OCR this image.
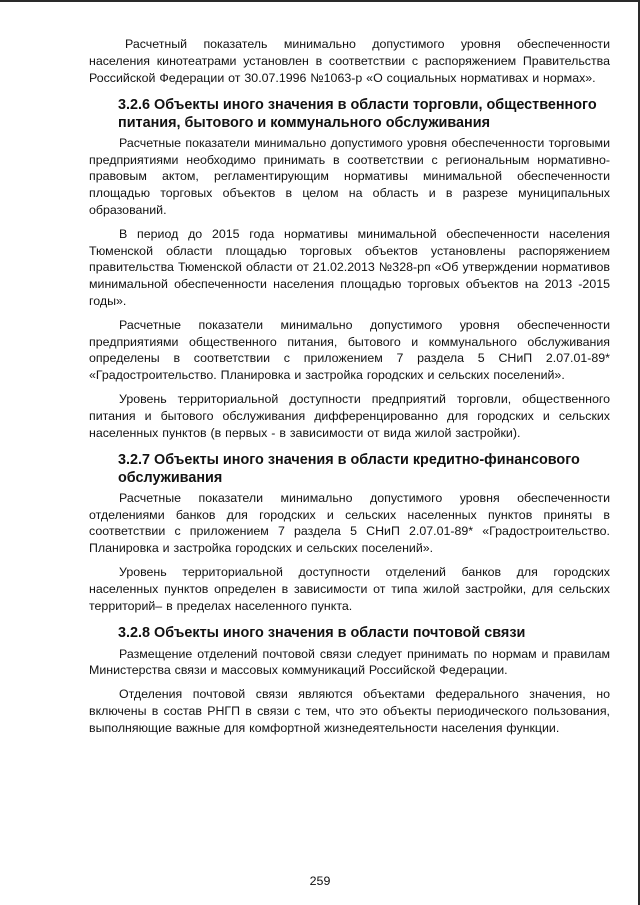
Расчетный показатель минимально допустимого уровня обеспеченности населения кинотеатрами установлен в соответствии с распоряжением Правительства Российской Федерации от 30.07.1996 №1063-р «О социальных нормативах и нормах».

3.2.6 Объекты иного значения в области торговли, общественного питания, бытового и коммунального обслуживания

Расчетные показатели минимально допустимого уровня обеспеченности торговыми предприятиями необходимо принимать в соответствии с региональным нормативно-правовым актом, регламентирующим нормативы минимальной обеспеченности площадью торговых объектов в целом на область и в разрезе муниципальных образований.

В период до 2015 года нормативы минимальной обеспеченности населения Тюменской области площадью торговых объектов установлены распоряжением правительства Тюменской области от 21.02.2013 №328-рп «Об утверждении нормативов минимальной обеспеченности населения площадью торговых объектов на 2013 -2015 годы».

Расчетные показатели минимально допустимого уровня обеспеченности предприятиями общественного питания, бытового и коммунального обслуживания определены в соответствии с приложением 7 раздела 5 СНиП 2.07.01-89* «Градостроительство. Планировка и застройка городских и сельских поселений».

Уровень территориальной доступности предприятий торговли, общественного питания и бытового обслуживания дифференцированно для городских и сельских населенных пунктов (в первых - в зависимости от вида жилой застройки).

3.2.7 Объекты иного значения в области кредитно-финансового обслуживания

Расчетные показатели минимально допустимого уровня обеспеченности отделениями банков для городских и сельских населенных пунктов приняты в соответствии с приложением 7 раздела 5 СНиП 2.07.01-89* «Градостроительство. Планировка и застройка городских и сельских поселений».

Уровень территориальной доступности отделений банков для городских населенных пунктов определен в зависимости от типа жилой застройки, для сельских территорий– в пределах населенного пункта.

3.2.8 Объекты иного значения в области почтовой связи

Размещение отделений почтовой связи следует принимать по нормам и правилам Министерства связи и массовых коммуникаций Российской Федерации.

Отделения почтовой связи являются объектами федерального значения, но включены в состав РНГП в связи с тем, что это объекты периодического пользования, выполняющие важные для комфортной жизнедеятельности населения функции.

259
